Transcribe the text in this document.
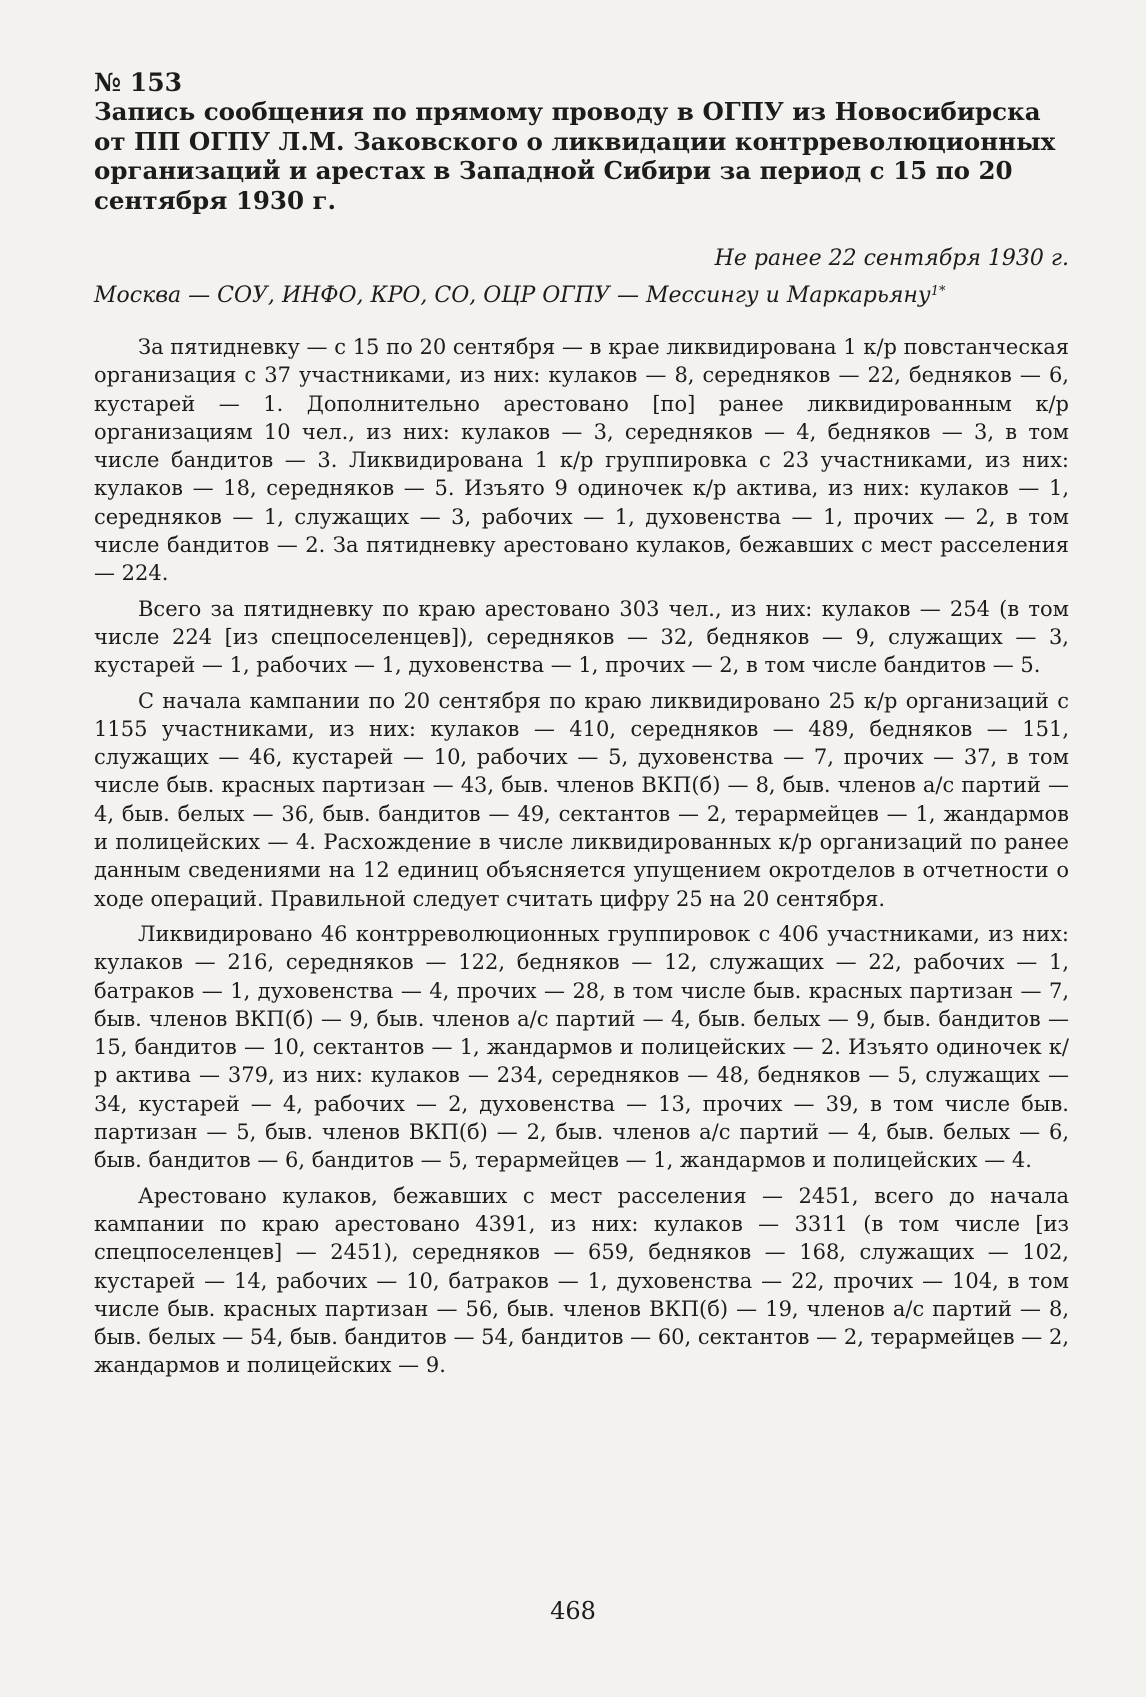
№ 153
Запись сообщения по прямому проводу в ОГПУ из Новосибирска от ПП ОГПУ Л.М. Заковского о ликвидации контрреволюционных организаций и арестах в Западной Сибири за период с 15 по 20 сентября 1930 г.

Не ранее 22 сентября 1930 г.

Москва — СОУ, ИНФО, КРО, СО, ОЦР ОГПУ — Мессингу и Маркарьяну$^{1*}$

За пятидневку — с 15 по 20 сентября — в крае ликвидирована 1 к/р повстанческая организация с 37 участниками, из них: кулаков — 8, середняков — 22, бедняков — 6, кустарей — 1. Дополнительно арестовано [по] ранее ликвидированным к/р организациям 10 чел., из них: кулаков — 3, середняков — 4, бедняков — 3, в том числе бандитов — 3. Ликвидирована 1 к/р группировка с 23 участниками, из них: кулаков — 18, середняков — 5. Изъято 9 одиночек к/р актива, из них: кулаков — 1, середняков — 1, служащих — 3, рабочих — 1, духовенства — 1, прочих — 2, в том числе бандитов — 2. За пятидневку арестовано кулаков, бежавших с мест расселения — 224.

Всего за пятидневку по краю арестовано 303 чел., из них: кулаков — 254 (в том числе 224 [из спецпоселенцев]), середняков — 32, бедняков — 9, служащих — 3, кустарей — 1, рабочих — 1, духовенства — 1, прочих — 2, в том числе бандитов — 5.

С начала кампании по 20 сентября по краю ликвидировано 25 к/р организаций с 1155 участниками, из них: кулаков — 410, середняков — 489, бедняков — 151, служащих — 46, кустарей — 10, рабочих — 5, духовенства — 7, прочих — 37, в том числе быв. красных партизан — 43, быв. членов ВКП(б) — 8, быв. членов а/с партий — 4, быв. белых — 36, быв. бандитов — 49, сектантов — 2, терармейцев — 1, жандармов и полицейских — 4. Расхождение в числе ликвидированных к/р организаций по ранее данным сведениями на 12 единиц объясняется упущением окротделов в отчетности о ходе операций. Правильной следует считать цифру 25 на 20 сентября.

Ликвидировано 46 контрреволюционных группировок с 406 участниками, из них: кулаков — 216, середняков — 122, бедняков — 12, служащих — 22, рабочих — 1, батраков — 1, духовенства — 4, прочих — 28, в том числе быв. красных партизан — 7, быв. членов ВКП(б) — 9, быв. членов а/с партий — 4, быв. белых — 9, быв. бандитов — 15, бандитов — 10, сектантов — 1, жандармов и полицейских — 2. Изъято одиночек к/р актива — 379, из них: кулаков — 234, середняков — 48, бедняков — 5, служащих — 34, кустарей — 4, рабочих — 2, духовенства — 13, прочих — 39, в том числе быв. партизан — 5, быв. членов ВКП(б) — 2, быв. членов а/с партий — 4, быв. белых — 6, быв. бандитов — 6, бандитов — 5, терармейцев — 1, жандармов и полицейских — 4.

Арестовано кулаков, бежавших с мест расселения — 2451, всего до начала кампании по краю арестовано 4391, из них: кулаков — 3311 (в том числе [из спецпоселенцев] — 2451), середняков — 659, бедняков — 168, служащих — 102, кустарей — 14, рабочих — 10, батраков — 1, духовенства — 22, прочих — 104, в том числе быв. красных партизан — 56, быв. членов ВКП(б) — 19, членов а/с партий — 8, быв. белых — 54, быв. бандитов — 54, бандитов — 60, сектантов — 2, терармейцев — 2, жандармов и полицейских — 9.

468
